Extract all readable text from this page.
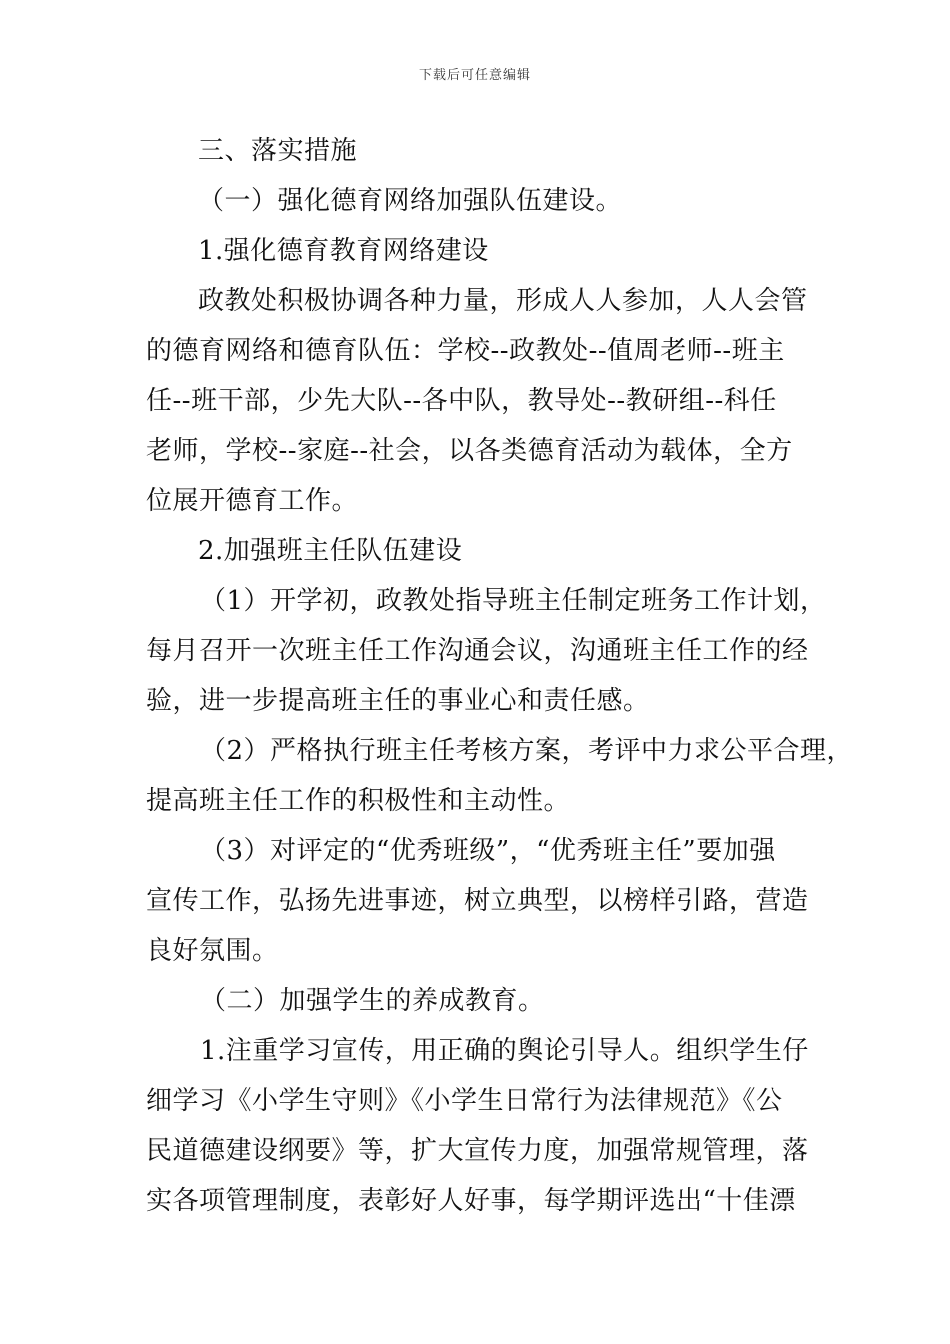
下载后可任意编辑
三、落实措施
（一）强化德育网络加强队伍建设。
1.强化德育教育网络建设
政教处积极协调各种力量，形成人人参加，人人会管
的德育网络和德育队伍：学校--政教处--值周老师--班主
任--班干部，少先大队--各中队，教导处--教研组--科任
老师，学校--家庭--社会，以各类德育活动为载体，全方
位展开德育工作。
2.加强班主任队伍建设
（1）开学初，政教处指导班主任制定班务工作计划，
每月召开一次班主任工作沟通会议，沟通班主任工作的经
验，进一步提高班主任的事业心和责任感。
（2）严格执行班主任考核方案，考评中力求公平合理，
提高班主任工作的积极性和主动性。
（3）对评定的“优秀班级”，“优秀班主任”要加强
宣传工作，弘扬先进事迹，树立典型，以榜样引路，营造
良好氛围。
（二）加强学生的养成教育。
1.注重学习宣传，用正确的舆论引导人。组织学生仔
细学习《小学生守则》《小学生日常行为法律规范》《公
民道德建设纲要》等，扩大宣传力度，加强常规管理，落
实各项管理制度，表彰好人好事，每学期评选出“十佳漂
